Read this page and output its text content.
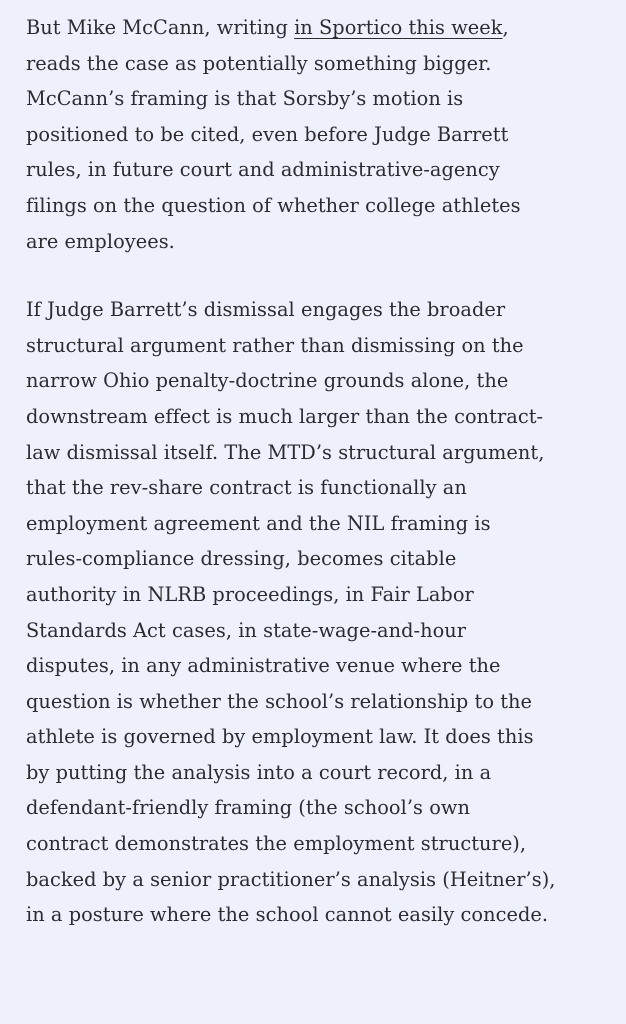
But Mike McCann, writing in Sportico this week,
reads the case as potentially something bigger.
McCann’s framing is that Sorsby’s motion is
positioned to be cited, even before Judge Barrett
rules, in future court and administrative-agency
filings on the question of whether college athletes
are employees.

If Judge Barrett’s dismissal engages the broader
structural argument rather than dismissing on the
narrow Ohio penalty-doctrine grounds alone, the
downstream effect is much larger than the contract-
law dismissal itself. The MTD’s structural argument,
that the rev-share contract is functionally an
employment agreement and the NIL framing is
rules-compliance dressing, becomes citable
authority in NLRB proceedings, in Fair Labor
Standards Act cases, in state-wage-and-hour
disputes, in any administrative venue where the
question is whether the school’s relationship to the
athlete is governed by employment law. It does this
by putting the analysis into a court record, in a
defendant-friendly framing (the school’s own
contract demonstrates the employment structure),
backed by a senior practitioner’s analysis (Heitner’s),
in a posture where the school cannot easily concede.
